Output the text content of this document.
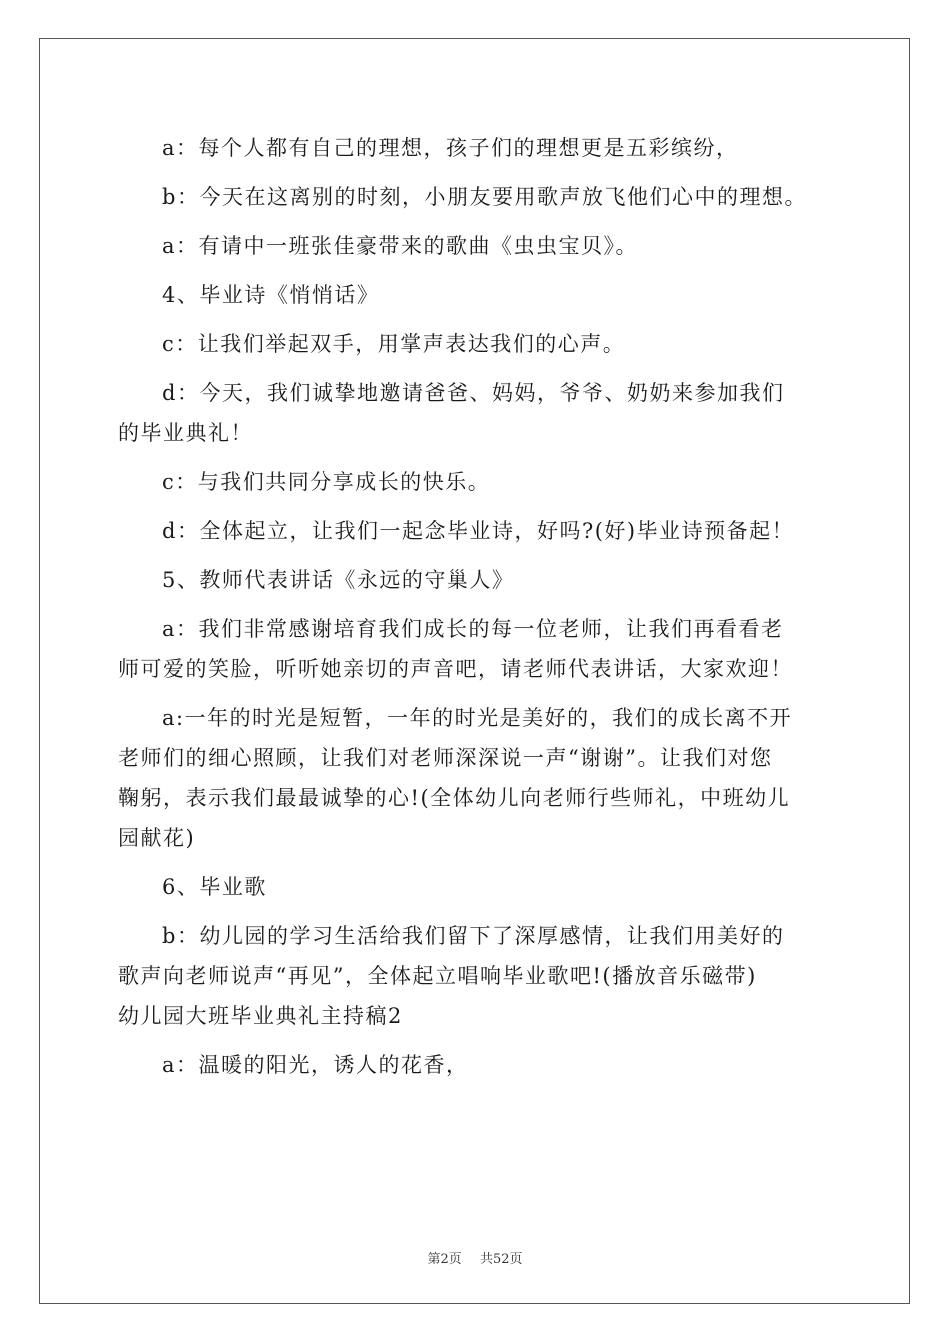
a：每个人都有自己的理想，孩子们的理想更是五彩缤纷，
b：今天在这离别的时刻，小朋友要用歌声放飞他们心中的理想。
a：有请中一班张佳豪带来的歌曲《虫虫宝贝》。
4、毕业诗《悄悄话》
c：让我们举起双手，用掌声表达我们的心声。
d：今天，我们诚挚地邀请爸爸、妈妈，爷爷、奶奶来参加我们
的毕业典礼！
c：与我们共同分享成长的快乐。
d：全体起立，让我们一起念毕业诗，好吗?(好)毕业诗预备起！
5、教师代表讲话《永远的守巢人》
a：我们非常感谢培育我们成长的每一位老师，让我们再看看老
师可爱的笑脸，听听她亲切的声音吧，请老师代表讲话，大家欢迎！
a:一年的时光是短暂，一年的时光是美好的，我们的成长离不开
老师们的细心照顾，让我们对老师深深说一声“谢谢”。让我们对您
鞠躬，表示我们最最诚挚的心!(全体幼儿向老师行些师礼，中班幼儿
园献花)
6、毕业歌
b：幼儿园的学习生活给我们留下了深厚感情，让我们用美好的
歌声向老师说声“再见”，全体起立唱响毕业歌吧!(播放音乐磁带)
幼儿园大班毕业典礼主持稿2
a：温暖的阳光，诱人的花香，
第2页 共52页
